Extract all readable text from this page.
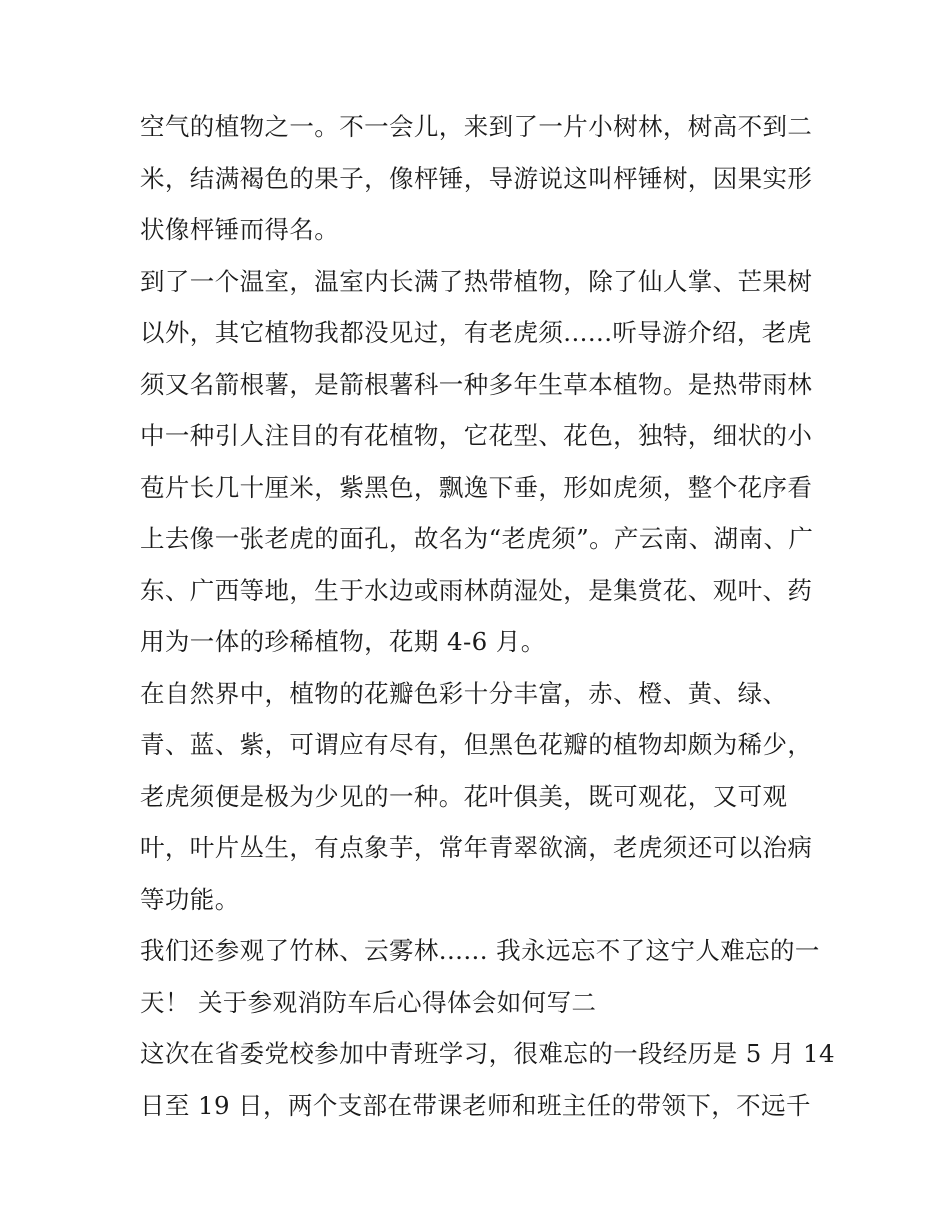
空气的植物之一。不一会儿，来到了一片小树林，树高不到二
米，结满褐色的果子，像枰锤，导游说这叫枰锤树，因果实形
状像枰锤而得名。
到了一个温室，温室内长满了热带植物，除了仙人掌、芒果树
以外，其它植物我都没见过，有老虎须......听导游介绍，老虎
须又名箭根薯，是箭根薯科一种多年生草本植物。是热带雨林
中一种引人注目的有花植物，它花型、花色，独特，细状的小
苞片长几十厘米，紫黑色，飘逸下垂，形如虎须，整个花序看
上去像一张老虎的面孔，故名为“老虎须”。产云南、湖南、广
东、广西等地，生于水边或雨林荫湿处，是集赏花、观叶、药
用为一体的珍稀植物，花期 4-6 月。
在自然界中，植物的花瓣色彩十分丰富，赤、橙、黄、绿、
青、蓝、紫，可谓应有尽有，但黑色花瓣的植物却颇为稀少，
老虎须便是极为少见的一种。花叶俱美，既可观花，又可观
叶，叶片丛生，有点象芋，常年青翠欲滴，老虎须还可以治病
等功能。
我们还参观了竹林、云雾林...... 我永远忘不了这宁人难忘的一
天！ 关于参观消防车后心得体会如何写二
这次在省委党校参加中青班学习，很难忘的一段经历是 5 月 14
日至 19 日，两个支部在带课老师和班主任的带领下，不远千
